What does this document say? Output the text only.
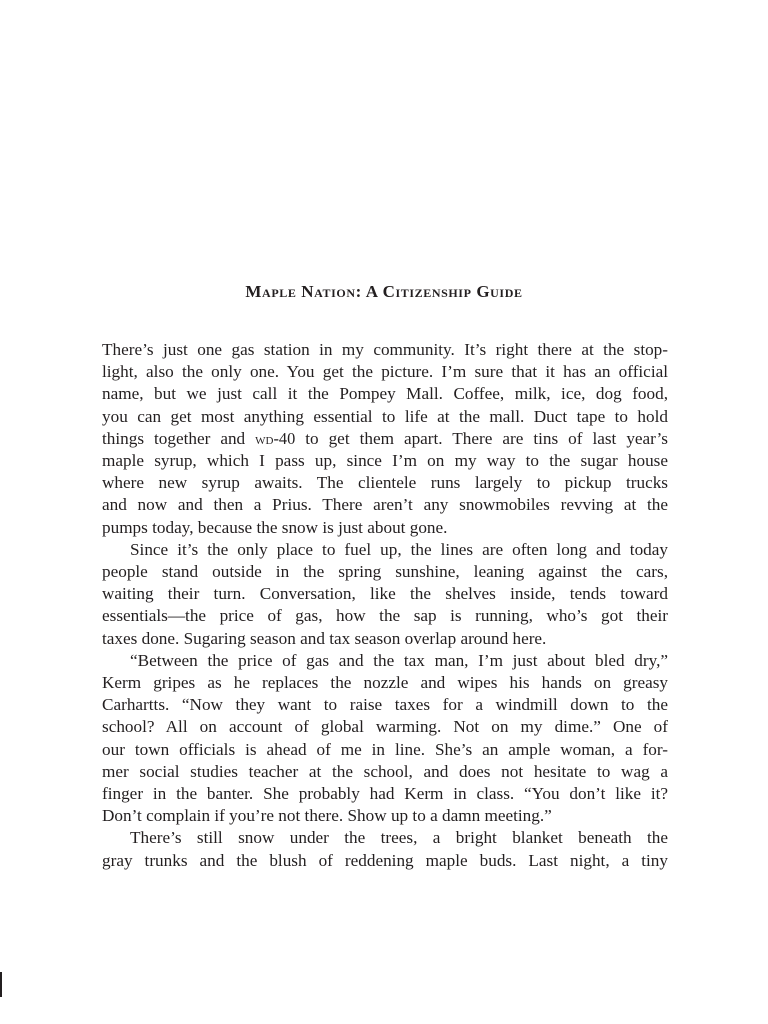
Maple Nation: A Citizenship Guide

There’s just one gas station in my community. It’s right there at the stop-
light, also the only one. You get the picture. I’m sure that it has an official
name, but we just call it the Pompey Mall. Coffee, milk, ice, dog food,
you can get most anything essential to life at the mall. Duct tape to hold
things together and wd-40 to get them apart. There are tins of last year’s
maple syrup, which I pass up, since I’m on my way to the sugar house
where new syrup awaits. The clientele runs largely to pickup trucks
and now and then a Prius. There aren’t any snowmobiles revving at the
pumps today, because the snow is just about gone.

Since it’s the only place to fuel up, the lines are often long and today
people stand outside in the spring sunshine, leaning against the cars,
waiting their turn. Conversation, like the shelves inside, tends toward
essentials—the price of gas, how the sap is running, who’s got their
taxes done. Sugaring season and tax season overlap around here.

“Between the price of gas and the tax man, I’m just about bled dry,”
Kerm gripes as he replaces the nozzle and wipes his hands on greasy
Carhartts. “Now they want to raise taxes for a windmill down to the
school? All on account of global warming. Not on my dime.” One of
our town officials is ahead of me in line. She’s an ample woman, a for-
mer social studies teacher at the school, and does not hesitate to wag a
finger in the banter. She probably had Kerm in class. “You don’t like it?
Don’t complain if you’re not there. Show up to a damn meeting.”

There’s still snow under the trees, a bright blanket beneath the
gray trunks and the blush of reddening maple buds. Last night, a tiny
